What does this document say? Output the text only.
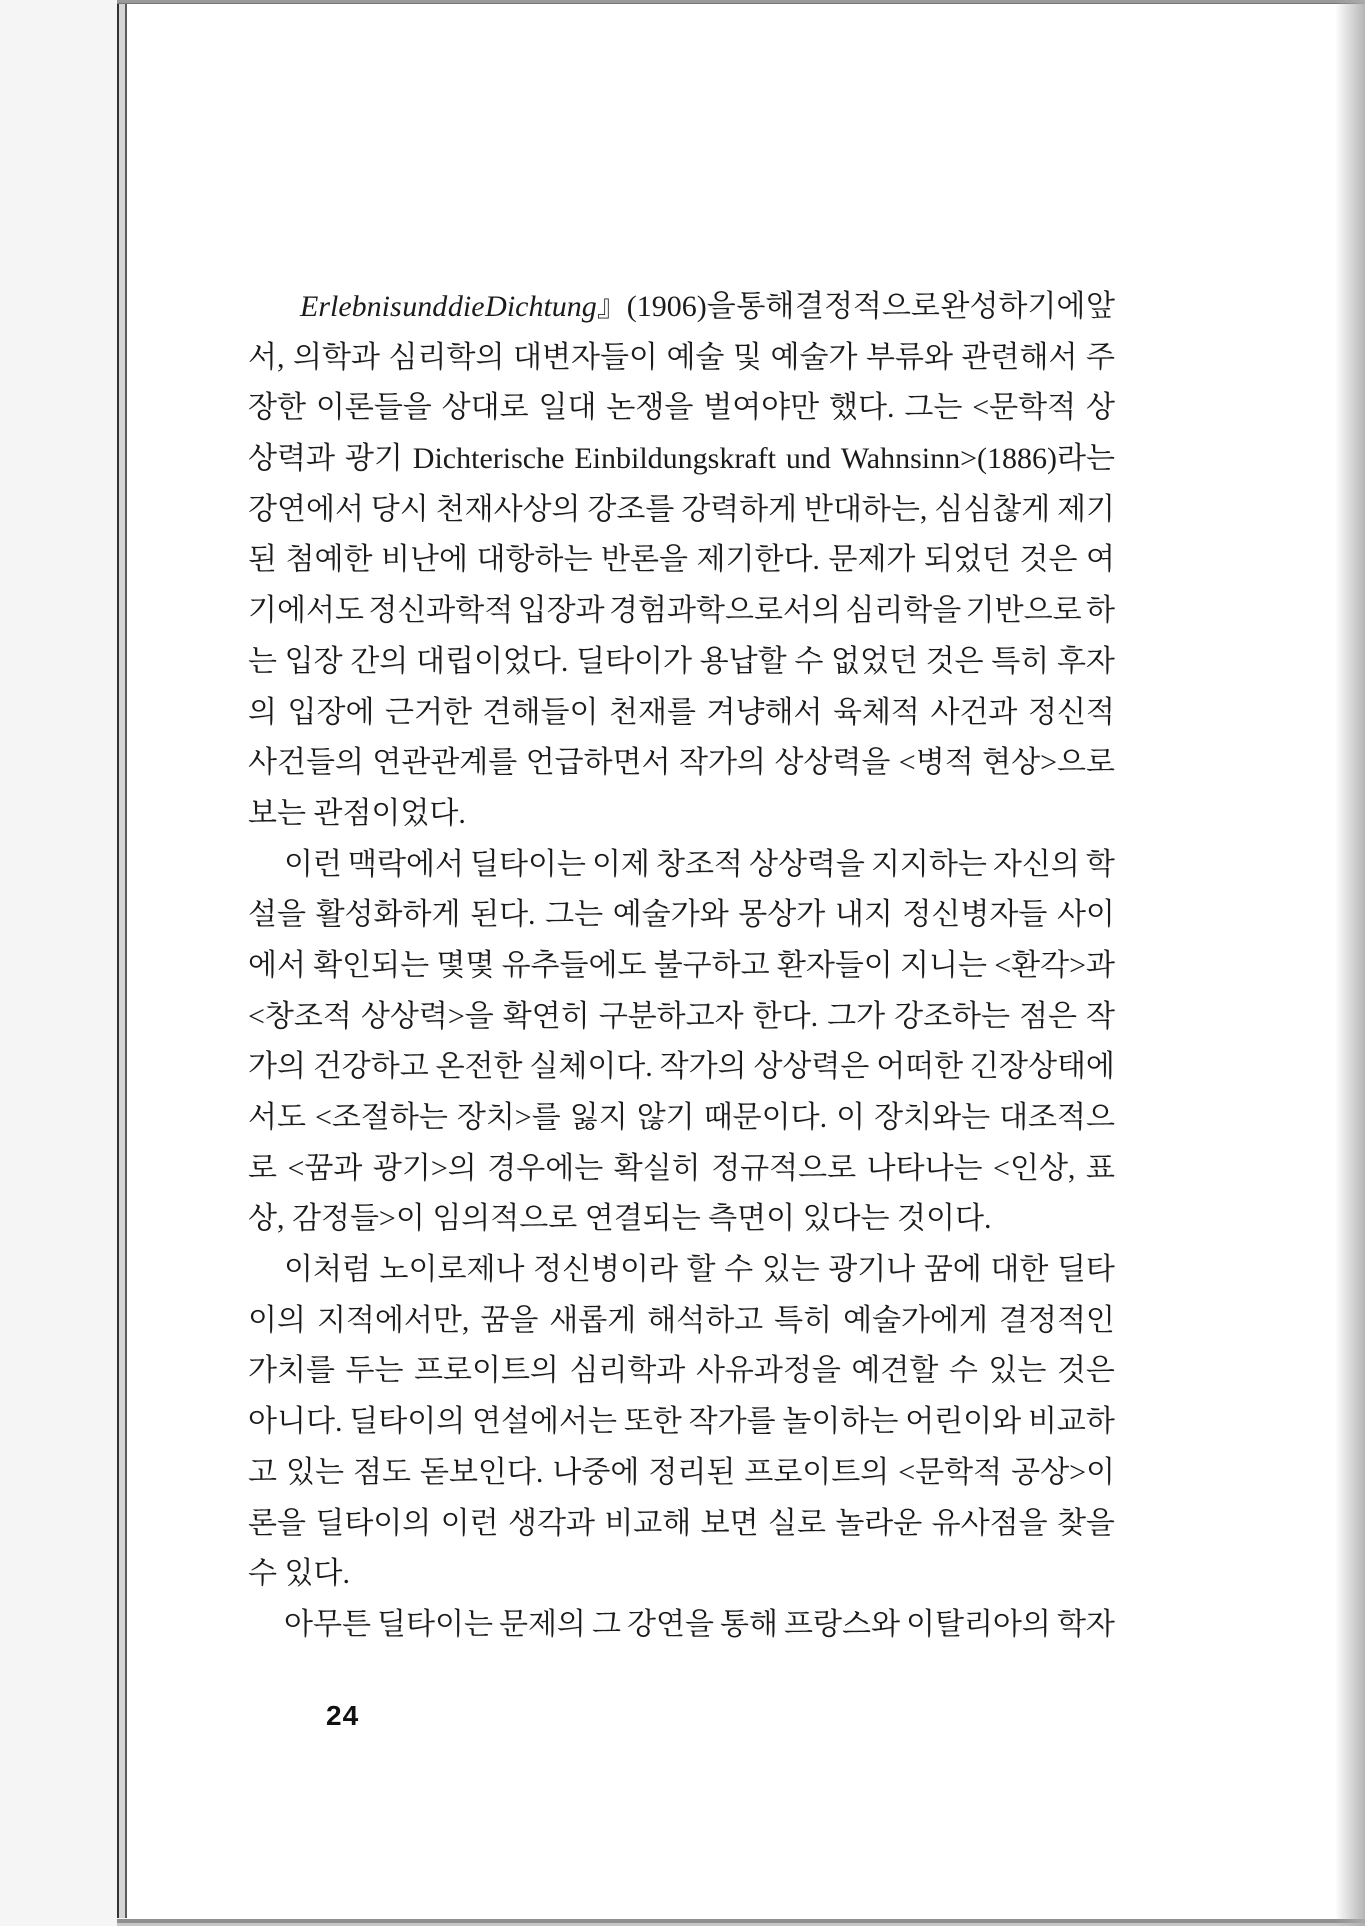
Erlebnis und die Dichtung』(1906)을 통해 결정적으로 완성하기에 앞
서, 의학과 심리학의 대변자들이 예술 및 예술가 부류와 관련해서 주
장한 이론들을 상대로 일대 논쟁을 벌여야만 했다. 그는 <문학적 상
상력과 광기 Dichterische Einbildungskraft und Wahnsinn>(1886)라는
강연에서 당시 천재사상의 강조를 강력하게 반대하는, 심심찮게 제기
된 첨예한 비난에 대항하는 반론을 제기한다. 문제가 되었던 것은 여
기에서도 정신과학적 입장과 경험과학으로서의 심리학을 기반으로 하
는 입장 간의 대립이었다. 딜타이가 용납할 수 없었던 것은 특히 후자
의 입장에 근거한 견해들이 천재를 겨냥해서 육체적 사건과 정신적
사건들의 연관관계를 언급하면서 작가의 상상력을 <병적 현상>으로
보는 관점이었다.
이런 맥락에서 딜타이는 이제 창조적 상상력을 지지하는 자신의 학
설을 활성화하게 된다. 그는 예술가와 몽상가 내지 정신병자들 사이
에서 확인되는 몇몇 유추들에도 불구하고 환자들이 지니는 <환각>과
<창조적 상상력>을 확연히 구분하고자 한다. 그가 강조하는 점은 작
가의 건강하고 온전한 실체이다. 작가의 상상력은 어떠한 긴장상태에
서도 <조절하는 장치>를 잃지 않기 때문이다. 이 장치와는 대조적으
로 <꿈과 광기>의 경우에는 확실히 정규적으로 나타나는 <인상, 표
상, 감정들>이 임의적으로 연결되는 측면이 있다는 것이다.
이처럼 노이로제나 정신병이라 할 수 있는 광기나 꿈에 대한 딜타
이의 지적에서만, 꿈을 새롭게 해석하고 특히 예술가에게 결정적인
가치를 두는 프로이트의 심리학과 사유과정을 예견할 수 있는 것은
아니다. 딜타이의 연설에서는 또한 작가를 놀이하는 어린이와 비교하
고 있는 점도 돋보인다. 나중에 정리된 프로이트의 <문학적 공상>이
론을 딜타이의 이런 생각과 비교해 보면 실로 놀라운 유사점을 찾을
수 있다.
아무튼 딜타이는 문제의 그 강연을 통해 프랑스와 이탈리아의 학자
24
